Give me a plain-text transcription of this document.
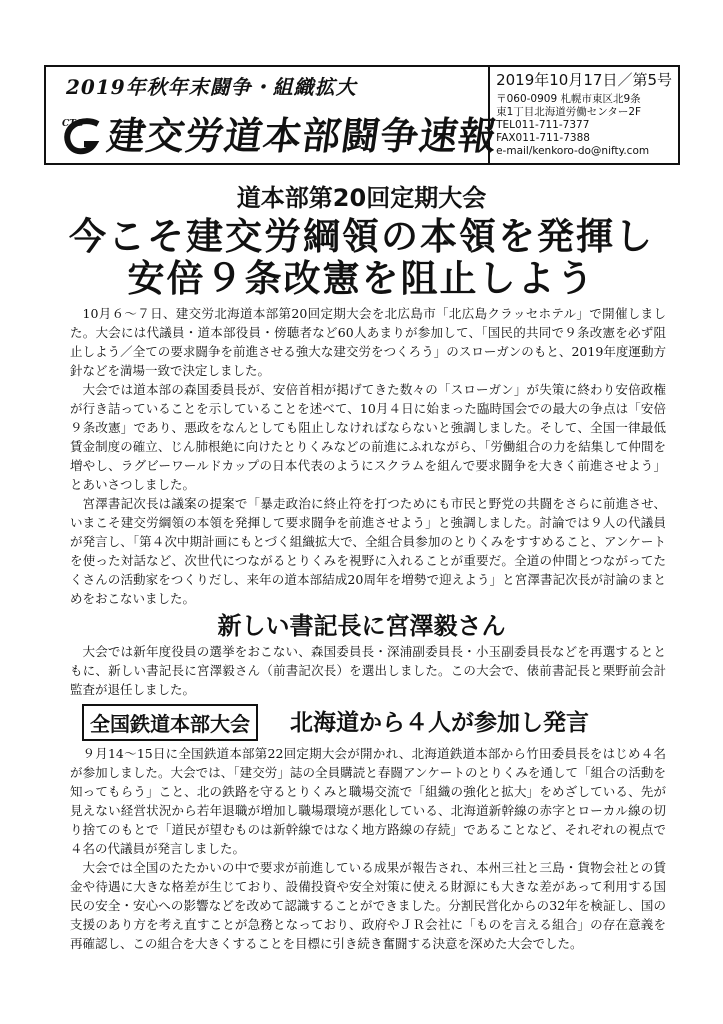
2019年秋年末闘争・組織拡大
CTG 建交労道本部闘争速報
2019年10月17日／第5号
〒060-0909 札幌市東区北9条
東1丁目北海道労働センター2F
TEL011-711-7377
FAX011-711-7388
e-mail/kenkoro-do@nifty.com
道本部第20回定期大会
今こそ建交労綱領の本領を発揮し
安倍９条改憲を阻止しよう

10月６〜７日、建交労北海道本部第20回定期大会を北広島市「北広島クラッセホテル」で開催しました。大会には代議員・道本部役員・傍聴者など60人あまりが参加して、「国民的共同で９条改憲を必ず阻止しよう／全ての要求闘争を前進させる強大な建交労をつくろう」のスローガンのもと、2019年度運動方針などを満場一致で決定しました。

大会では道本部の森国委員長が、安倍首相が掲げてきた数々の「スローガン」が失策に終わり安倍政権が行き詰っていることを示していることを述べて、10月４日に始まった臨時国会での最大の争点は「安倍９条改憲」であり、悪政をなんとしても阻止しなければならないと強調しました。そして、全国一律最低賃金制度の確立、じん肺根絶に向けたとりくみなどの前進にふれながら、「労働組合の力を結集して仲間を増やし、ラグビーワールドカップの日本代表のようにスクラムを組んで要求闘争を大きく前進させよう」とあいさつしました。

宮澤書記次長は議案の提案で「暴走政治に終止符を打つためにも市民と野党の共闘をさらに前進させ、いまこそ建交労綱領の本領を発揮して要求闘争を前進させよう」と強調しました。討論では９人の代議員が発言し、「第４次中期計画にもとづく組織拡大で、全組合員参加のとりくみをすすめること、アンケートを使った対話など、次世代につながるとりくみを視野に入れることが重要だ。全道の仲間とつながってたくさんの活動家をつくりだし、来年の道本部結成20周年を増勢で迎えよう」と宮澤書記次長が討論のまとめをおこないました。

新しい書記長に宮澤毅さん

大会では新年度役員の選挙をおこない、森国委員長・深浦副委員長・小玉副委員長などを再選するとともに、新しい書記長に宮澤毅さん（前書記次長）を選出しました。この大会で、俵前書記長と栗野前会計監査が退任しました。

全国鉄道本部大会	北海道から４人が参加し発言

９月14〜15日に全国鉄道本部第22回定期大会が開かれ、北海道鉄道本部から竹田委員長をはじめ４名が参加しました。大会では、「建交労」誌の全員購読と春闘アンケートのとりくみを通して「組合の活動を知ってもらう」こと、北の鉄路を守るとりくみと職場交流で「組織の強化と拡大」をめざしている、先が見えない経営状況から若年退職が増加し職場環境が悪化している、北海道新幹線の赤字とローカル線の切り捨てのもとで「道民が望むものは新幹線ではなく地方路線の存続」であることなど、それぞれの視点で４名の代議員が発言しました。

大会では全国のたたかいの中で要求が前進している成果が報告され、本州三社と三島・貨物会社との賃金や待遇に大きな格差が生じており、設備投資や安全対策に使える財源にも大きな差があって利用する国民の安全・安心への影響などを改めて認識することができました。分割民営化からの32年を検証し、国の支援のあり方を考え直すことが急務となっており、政府やＪＲ会社に「ものを言える組合」の存在意義を再確認し、この組合を大きくすることを目標に引き続き奮闘する決意を深めた大会でした。
